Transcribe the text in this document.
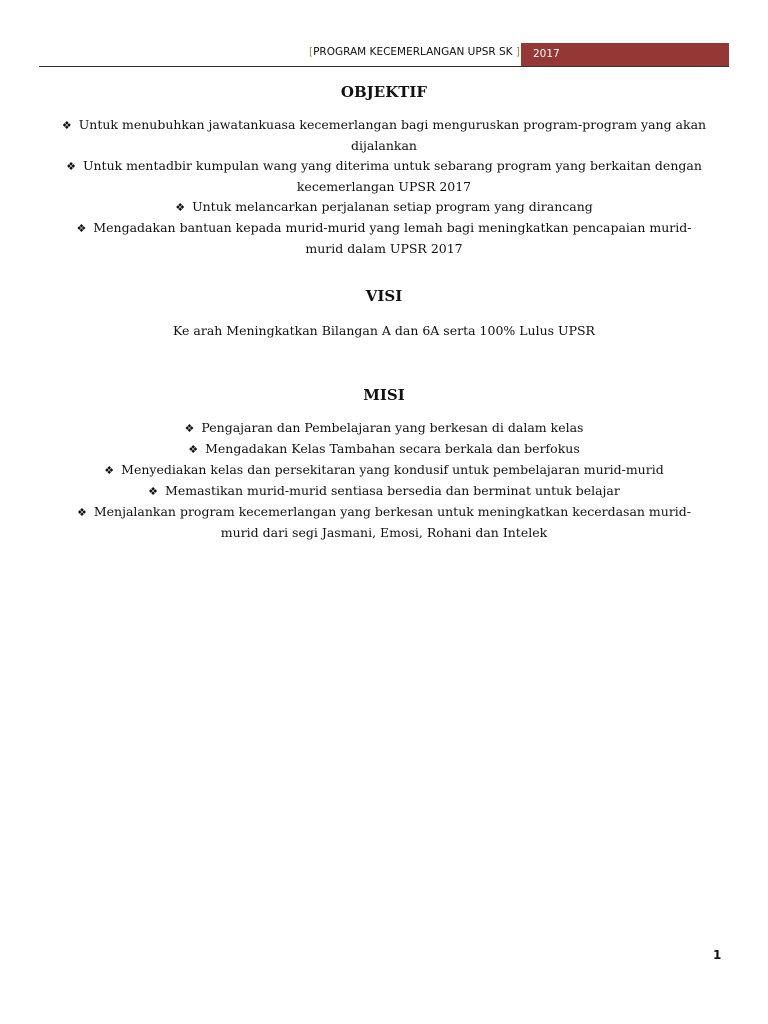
[PROGRAM KECEMERLANGAN UPSR SK ]	2017
OBJEKTIF
❖ Untuk menubuhkan jawatankuasa kecemerlangan bagi menguruskan program-program yang akan dijalankan
❖ Untuk mentadbir kumpulan wang yang diterima untuk sebarang program yang berkaitan dengan kecemerlangan UPSR 2017
❖ Untuk melancarkan perjalanan setiap program yang dirancang
❖ Mengadakan bantuan kepada murid-murid yang lemah bagi meningkatkan pencapaian murid-murid dalam UPSR 2017
VISI

Ke arah Meningkatkan Bilangan A dan 6A serta 100% Lulus UPSR

MISI
❖ Pengajaran dan Pembelajaran yang berkesan di dalam kelas
❖ Mengadakan Kelas Tambahan secara berkala dan berfokus
❖ Menyediakan kelas dan persekitaran yang kondusif untuk pembelajaran murid-murid
❖ Memastikan murid-murid sentiasa bersedia dan berminat untuk belajar
❖ Menjalankan program kecemerlangan yang berkesan untuk meningkatkan kecerdasan murid-murid dari segi Jasmani, Emosi, Rohani dan Intelek
1
